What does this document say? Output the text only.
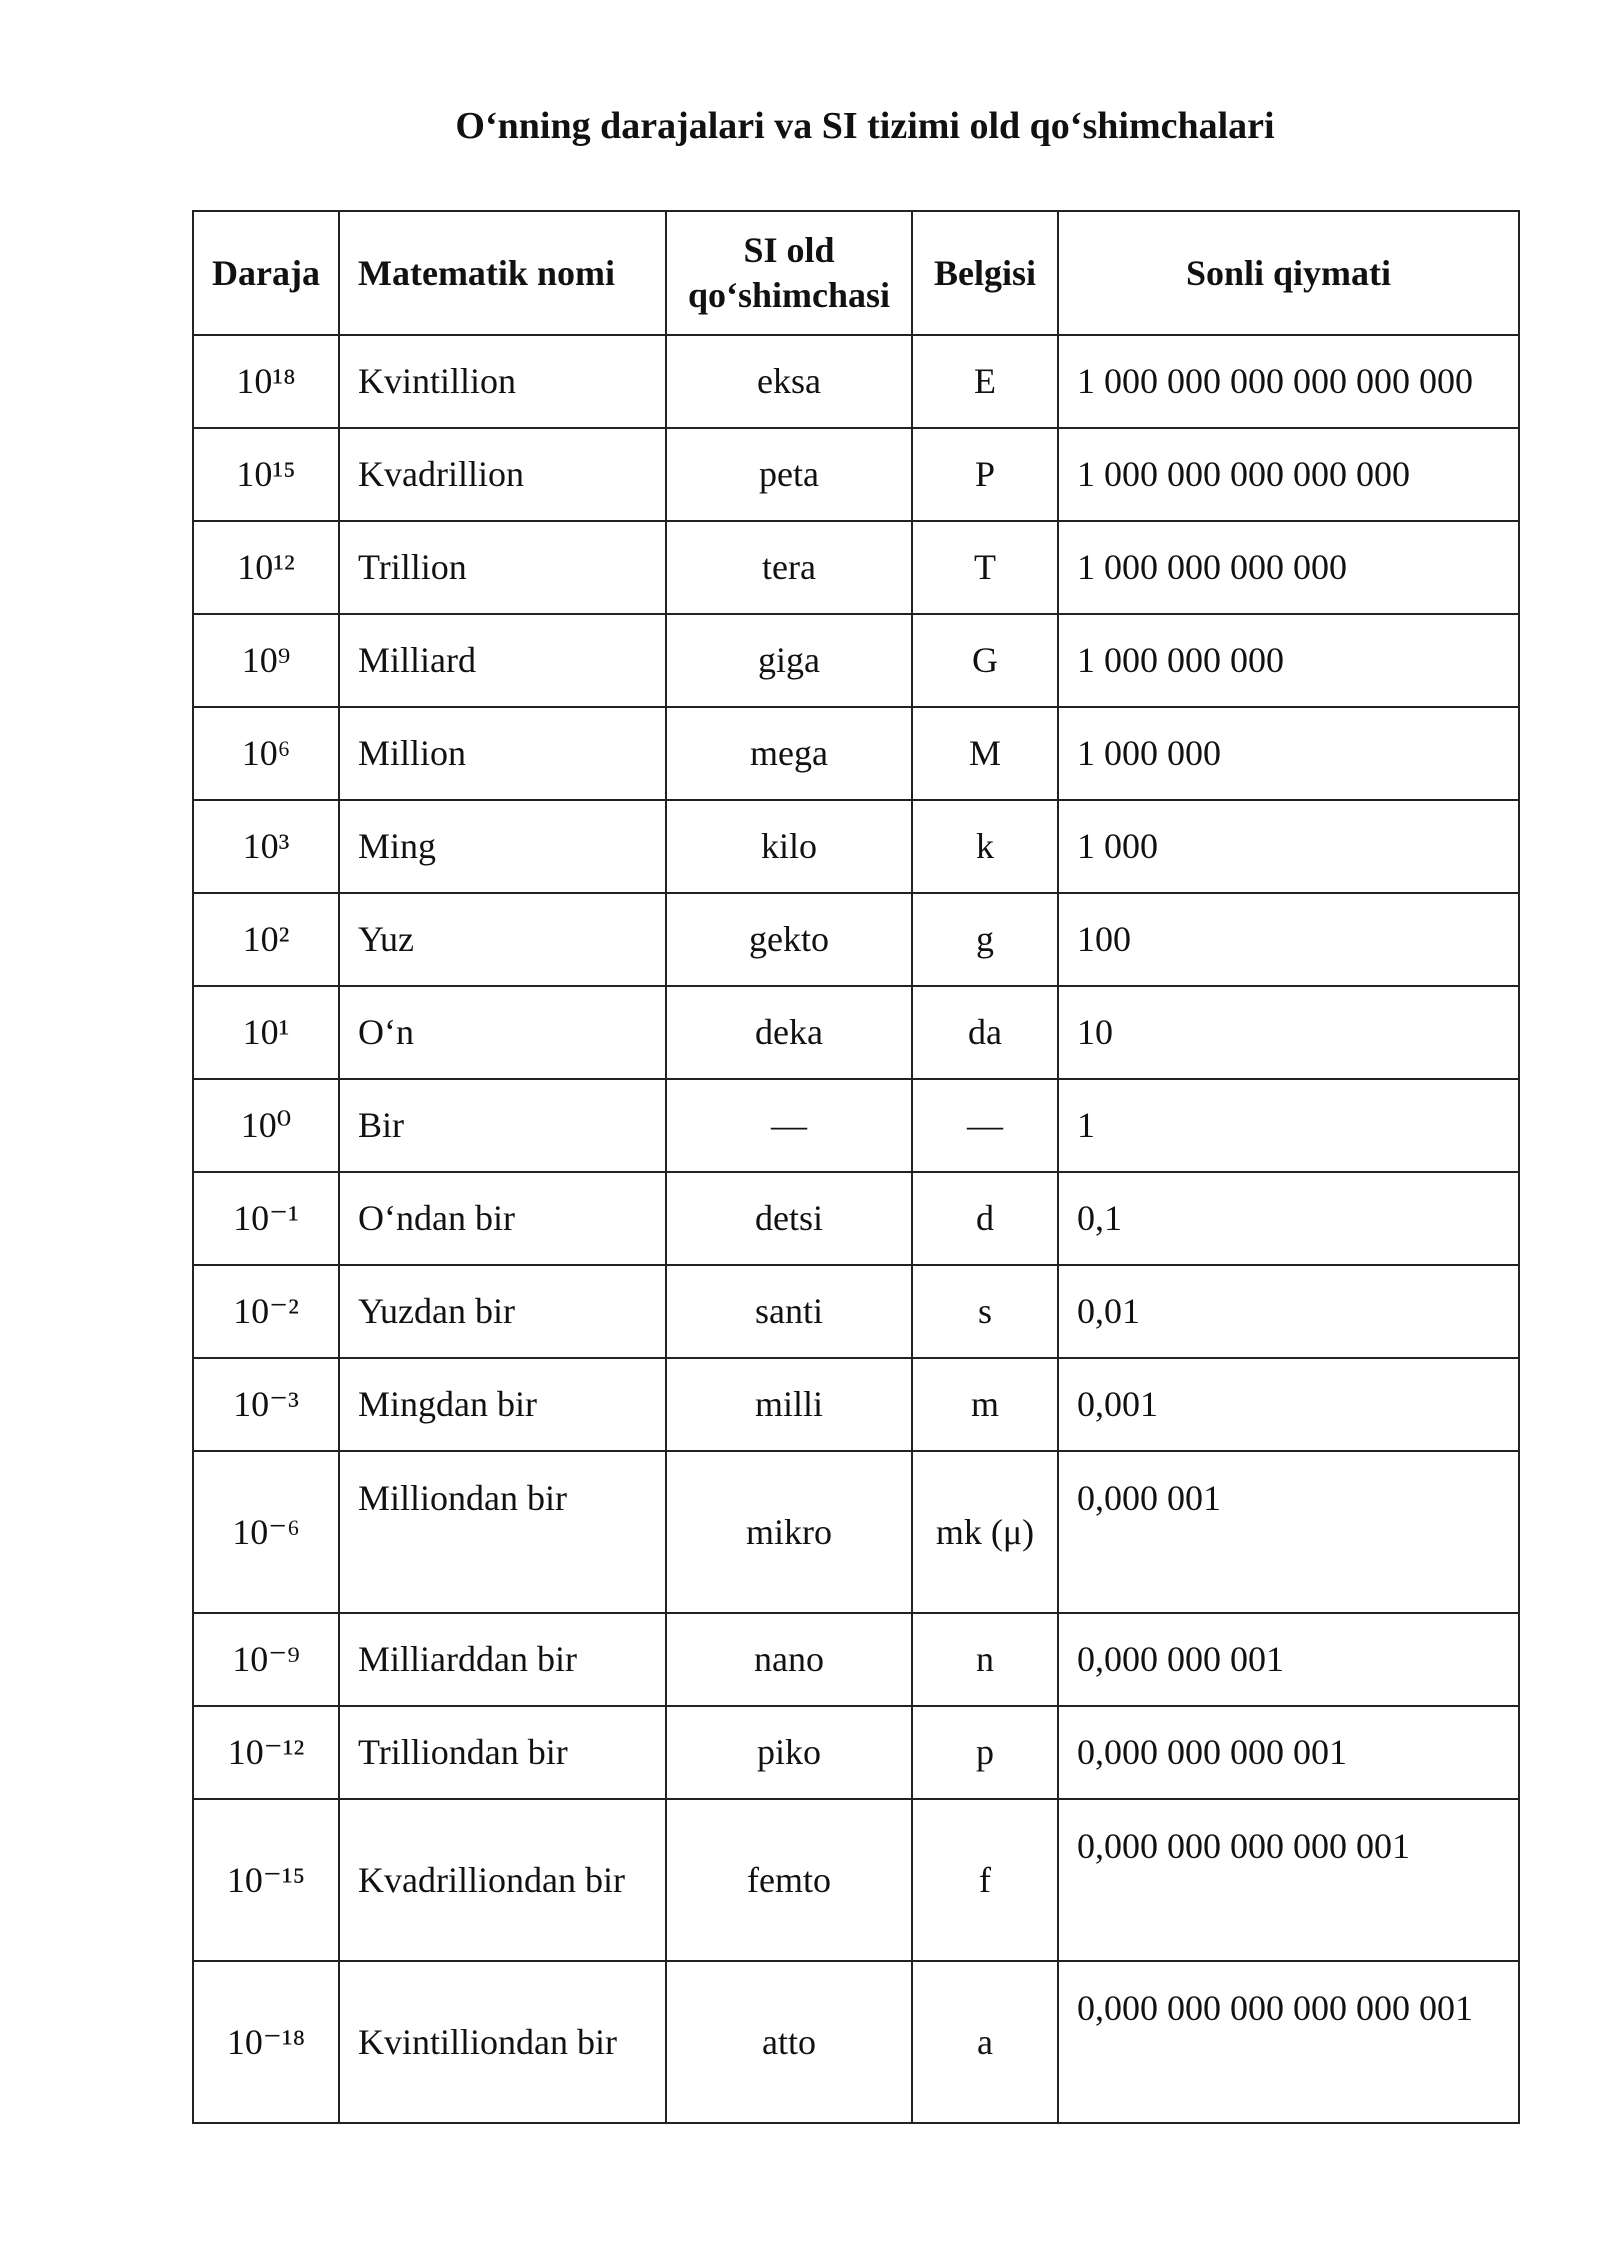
O‘nning darajalari va SI tizimi old qo‘shimchalari
Daraja	Matematik nomi	SI old qo‘shimchasi	Belgisi	Sonli qiymati
10¹⁸	Kvintillion	eksa	E	1 000 000 000 000 000 000
10¹⁵	Kvadrillion	peta	P	1 000 000 000 000 000
10¹²	Trillion	tera	T	1 000 000 000 000
10⁹	Milliard	giga	G	1 000 000 000
10⁶	Million	mega	M	1 000 000
10³	Ming	kilo	k	1 000
10²	Yuz	gekto	g	100
10¹	O‘n	deka	da	10
10⁰	Bir	—	—	1
10⁻¹	O‘ndan bir	detsi	d	0,1
10⁻²	Yuzdan bir	santi	s	0,01
10⁻³	Mingdan bir	milli	m	0,001
10⁻⁶	Milliondan bir	mikro	mk (μ)	0,000 001
10⁻⁹	Milliarddan bir	nano	n	0,000 000 001
10⁻¹²	Trilliondan bir	piko	p	0,000 000 000 001
10⁻¹⁵	Kvadrilliondan bir	femto	f	0,000 000 000 000 001
10⁻¹⁸	Kvintilliondan bir	atto	a	0,000 000 000 000 000 001
